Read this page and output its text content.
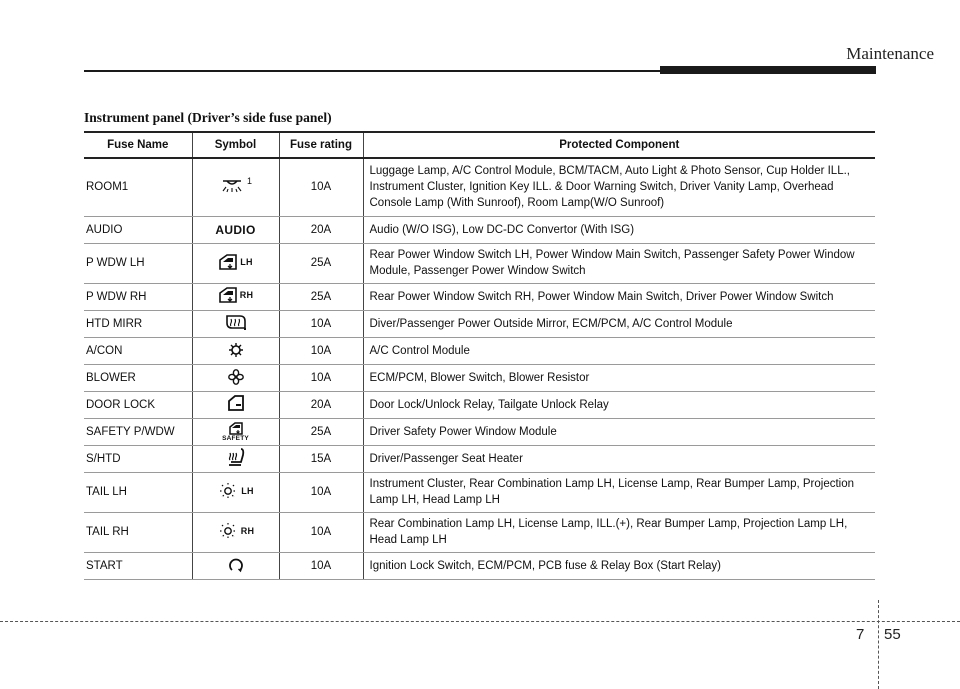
Maintenance
Instrument panel (Driver’s side fuse panel)
Fuse Name	Symbol	Fuse rating	Protected Component
ROOM1	1	10A	Luggage Lamp, A/C Control Module, BCM/TACM, Auto Light & Photo Sensor, Cup Holder ILL., Instrument Cluster, Ignition Key ILL. & Door Warning Switch, Driver Vanity Lamp, Overhead Console Lamp (With Sunroof), Room Lamp(W/O Sunroof)
AUDIO	AUDIO	20A	Audio (W/O ISG), Low DC-DC Convertor (With ISG)
P WDW LH	LH	25A	Rear Power Window Switch LH, Power Window Main Switch, Passenger Safety Power Window Module, Passenger Power Window Switch
P WDW RH	RH	25A	Rear Power Window Switch RH, Power Window Main Switch, Driver Power Window Switch
HTD MIRR		10A	Diver/Passenger Power Outside Mirror, ECM/PCM, A/C Control Module
A/CON		10A	A/C Control Module
BLOWER		10A	ECM/PCM, Blower Switch, Blower Resistor
DOOR LOCK		20A	Door Lock/Unlock Relay, Tailgate Unlock Relay
SAFETY P/WDW	SAFETY	25A	Driver Safety Power Window Module
S/HTD		15A	Driver/Passenger Seat Heater
TAIL LH	LH	10A	Instrument Cluster, Rear Combination Lamp LH, License Lamp, Rear Bumper Lamp, Projection Lamp LH, Head Lamp LH
TAIL RH	RH	10A	Rear Combination Lamp LH, License Lamp, ILL.(+), Rear Bumper Lamp, Projection Lamp LH, Head Lamp LH
START		10A	Ignition Lock Switch, ECM/PCM, PCB fuse & Relay Box (Start Relay)
7 55
